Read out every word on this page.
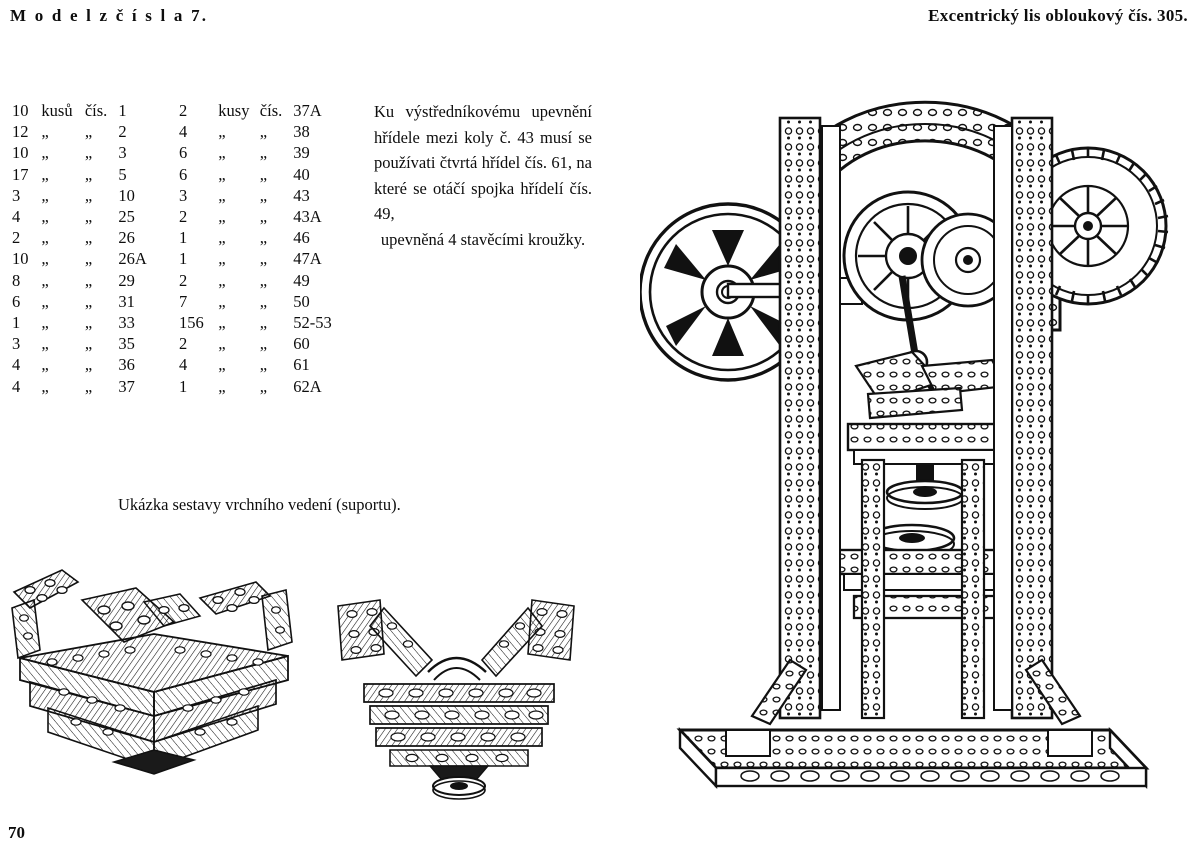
M o d e l z č í s l a 7.	Excentrický lis obloukový čís. 305.
10	kusů	čís.	1	2	kusy	čís.	37A
12	„	„	2	4	„	„	38
10	„	„	3	6	„	„	39
17	„	„	5	6	„	„	40
3	„	„	10	3	„	„	43
4	„	„	25	2	„	„	43A
2	„	„	26	1	„	„	46
10	„	„	26A	1	„	„	47A
8	„	„	29	2	„	„	49
6	„	„	31	7	„	„	50
1	„	„	33	156	„	„	52-53
3	„	„	35	2	„	„	60
4	„	„	36	4	„	„	61
4	„	„	37	1	„	„	62A
Ku výstředníkovému upevnění hřídele mezi koly č. 43 musí se používati čtvrtá hřídel čís. 61, na které se otáčí spojka hřídelí čís. 49,
upevněná 4 stavěcími kroužky.
Ukázka sestavy vrchního vedení (suportu).
70
